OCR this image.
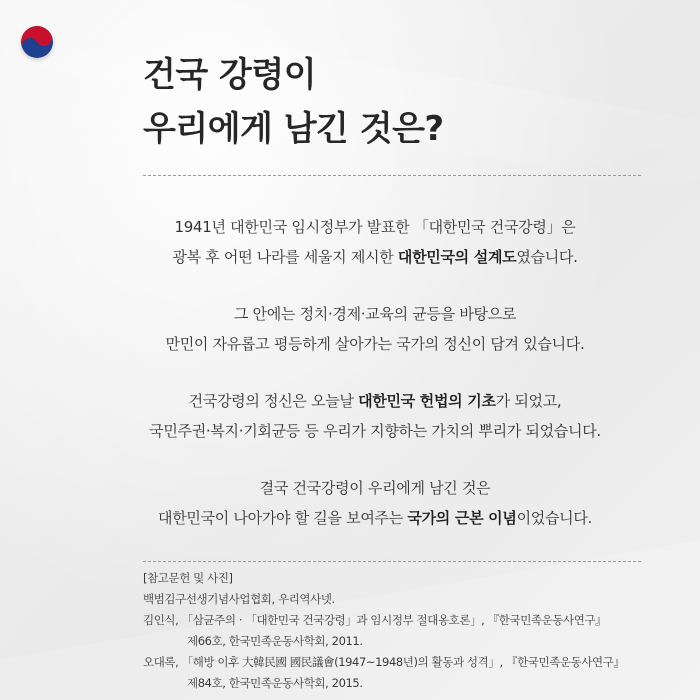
건국 강령이
우리에게 남긴 것은?

1941년 대한민국 임시정부가 발표한 「대한민국 건국강령」은
광복 후 어떤 나라를 세울지 제시한 대한민국의 설계도였습니다.

그 안에는 정치·경제·교육의 균등을 바탕으로
만민이 자유롭고 평등하게 살아가는 국가의 정신이 담겨 있습니다.

건국강령의 정신은 오늘날 대한민국 헌법의 기초가 되었고,
국민주권·복지·기회균등 등 우리가 지향하는 가치의 뿌리가 되었습니다.

결국 건국강령이 우리에게 남긴 것은
대한민국이 나아가야 할 길을 보여주는 국가의 근본 이념이었습니다.

[참고문헌 및 사진]
백범김구선생기념사업협회, 우리역사넷.
김인식, 「삼균주의 · 「대한민국 건국강령」과 임시정부 절대옹호론」, 『한국민족운동사연구』
제66호, 한국민족운동사학회, 2011.
오대록, 「해방 이후 大韓民國 國民議會(1947~1948년)의 활동과 성격」, 『한국민족운동사연구』
제84호, 한국민족운동사학회, 2015.
